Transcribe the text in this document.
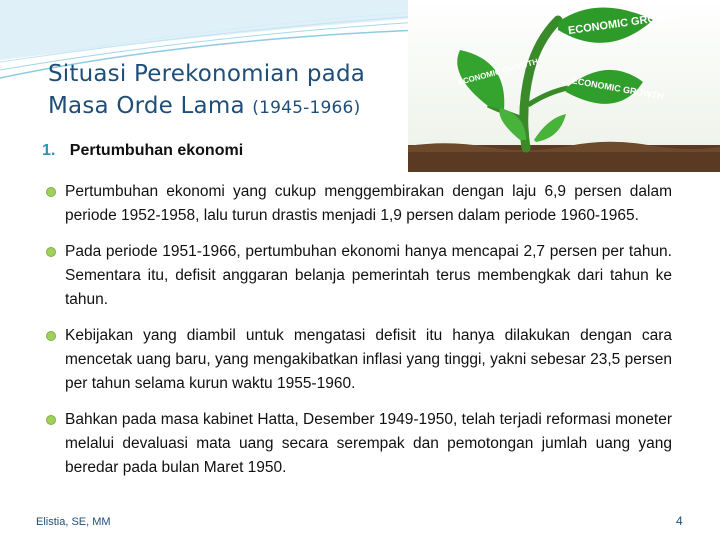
ECONOMIC GROWTH
ECONOMIC GROWTH
ECONOMIC GROWTH
Situasi Perekonomian pada
Masa Orde Lama (1945-1966)
1. Pertumbuhan ekonomi
Pertumbuhan ekonomi yang cukup menggembirakan dengan laju 6,9 persen dalam periode 1952-1958, lalu turun drastis menjadi 1,9 persen dalam periode 1960-1965.
Pada periode 1951-1966, pertumbuhan ekonomi hanya mencapai 2,7 persen per tahun. Sementara itu, defisit anggaran belanja pemerintah terus membengkak dari tahun ke tahun.
Kebijakan yang diambil untuk mengatasi defisit itu hanya dilakukan dengan cara mencetak uang baru, yang mengakibatkan inflasi yang tinggi, yakni sebesar 23,5 persen per tahun selama kurun waktu 1955-1960.
Bahkan pada masa kabinet Hatta, Desember 1949-1950, telah terjadi reformasi moneter melalui devaluasi mata uang secara serempak dan pemotongan jumlah uang yang beredar pada bulan Maret 1950.
Elistia, SE, MM	4
